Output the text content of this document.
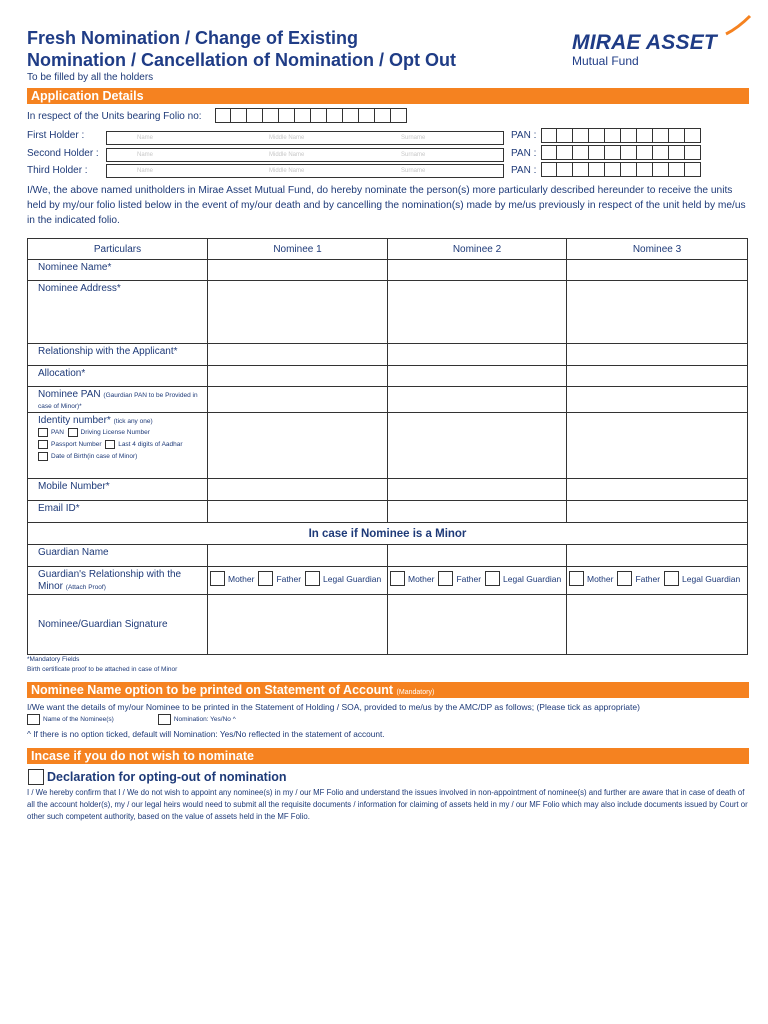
Fresh Nomination / Change of Existing
Nomination / Cancellation of Nomination / Opt Out
MIRAE ASSET
Mutual Fund
To be filled by all the holders
Application Details
In respect of the Units bearing Folio no:
First Holder :	Name	Middle Name	Surname	PAN :
Second Holder :	Name	Middle Name	Surname	PAN :
Third Holder :	Name	Middle Name	Surname	PAN :
I/We, the above named unitholders in Mirae Asset Mutual Fund, do hereby nominate the person(s) more particularly described hereunder to receive the units held by my/our folio listed below in the event of my/our death and by cancelling the nomination(s) made by me/us previously in respect of the unit held by me/us in the indicated folio.
Particulars	Nominee 1	Nominee 2	Nominee 3
Nominee Name*			
Nominee Address*			
Relationship with the Applicant*			
Allocation*			
Nominee PAN (Gaurdian PAN to be Provided in case of Minor)*			

Identity number* (tick any one)
PAN Driving License Number
Passport Number Last 4 digits of Aadhar
Date of Birth(in case of Minor)			

Mobile Number*			
Email ID*			
In case if Nominee is a Minor			
Guardian Name			
Guardian's Relationship with the Minor (Attach Proof)	Mother Father Legal Guardian	Mother Father Legal Guardian	Mother Father Legal Guardian

Nominee/Guardian Signature			
*Mandatory Fields
Birth certificate proof to be attached in case of Minor
Nominee Name option to be printed on Statement of Account (Mandatory)
I/We want the details of my/our Nominee to be printed in the Statement of Holding / SOA, provided to me/us by the AMC/DP as follows; (Please tick as appropriate)
Name of the Nominee(s)	Nomination: Yes/No ^
^ If there is no option ticked, default will Nomination: Yes/No reflected in the statement of account.
Incase if you do not wish to nominate
Declaration for opting-out of nomination
I / We hereby confirm that I / We do not wish to appoint any nominee(s) in my / our MF Folio and understand the issues involved in non-appointment of nominee(s) and further are aware that in case of death of all the account holder(s), my / our legal heirs would need to submit all the requisite documents / information for claiming of assets held in my / our MF Folio which may also include documents issued by Court or other such competent authority, based on the value of assets held in the MF Folio.
